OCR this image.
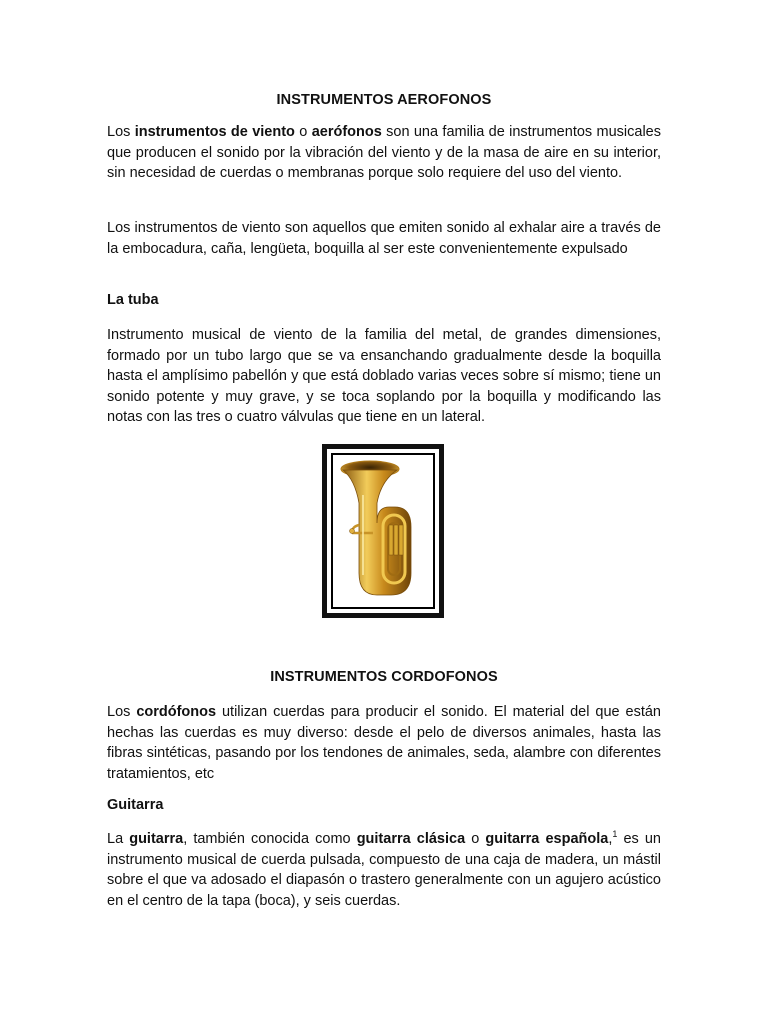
INSTRUMENTOS AEROFONOS

Los instrumentos de viento o aerófonos son una familia de instrumentos musicales que producen el sonido por la vibración del viento y de la masa de aire en su interior, sin necesidad de cuerdas o membranas porque solo requiere del uso del viento.

Los instrumentos de viento son aquellos que emiten sonido al exhalar aire a través de la embocadura, caña, lengüeta, boquilla al ser este convenientemente expulsado

La tuba

Instrumento musical de viento de la familia del metal, de grandes dimensiones, formado por un tubo largo que se va ensanchando gradualmente desde la boquilla hasta el amplísimo pabellón y que está doblado varias veces sobre sí mismo; tiene un sonido potente y muy grave, y se toca soplando por la boquilla y modificando las notas con las tres o cuatro válvulas que tiene en un lateral.

INSTRUMENTOS CORDOFONOS

Los cordófonos utilizan cuerdas para producir el sonido. El material del que están hechas las cuerdas es muy diverso: desde el pelo de diversos animales, hasta las fibras sintéticas, pasando por los tendones de animales, seda, alambre con diferentes tratamientos, etc

Guitarra

La guitarra, también conocida como guitarra clásica o guitarra española,$^1$ es un instrumento musical de cuerda pulsada, compuesto de una caja de madera, un mástil sobre el que va adosado el diapasón o trastero generalmente con un agujero acústico en el centro de la tapa (boca), y seis cuerdas.
